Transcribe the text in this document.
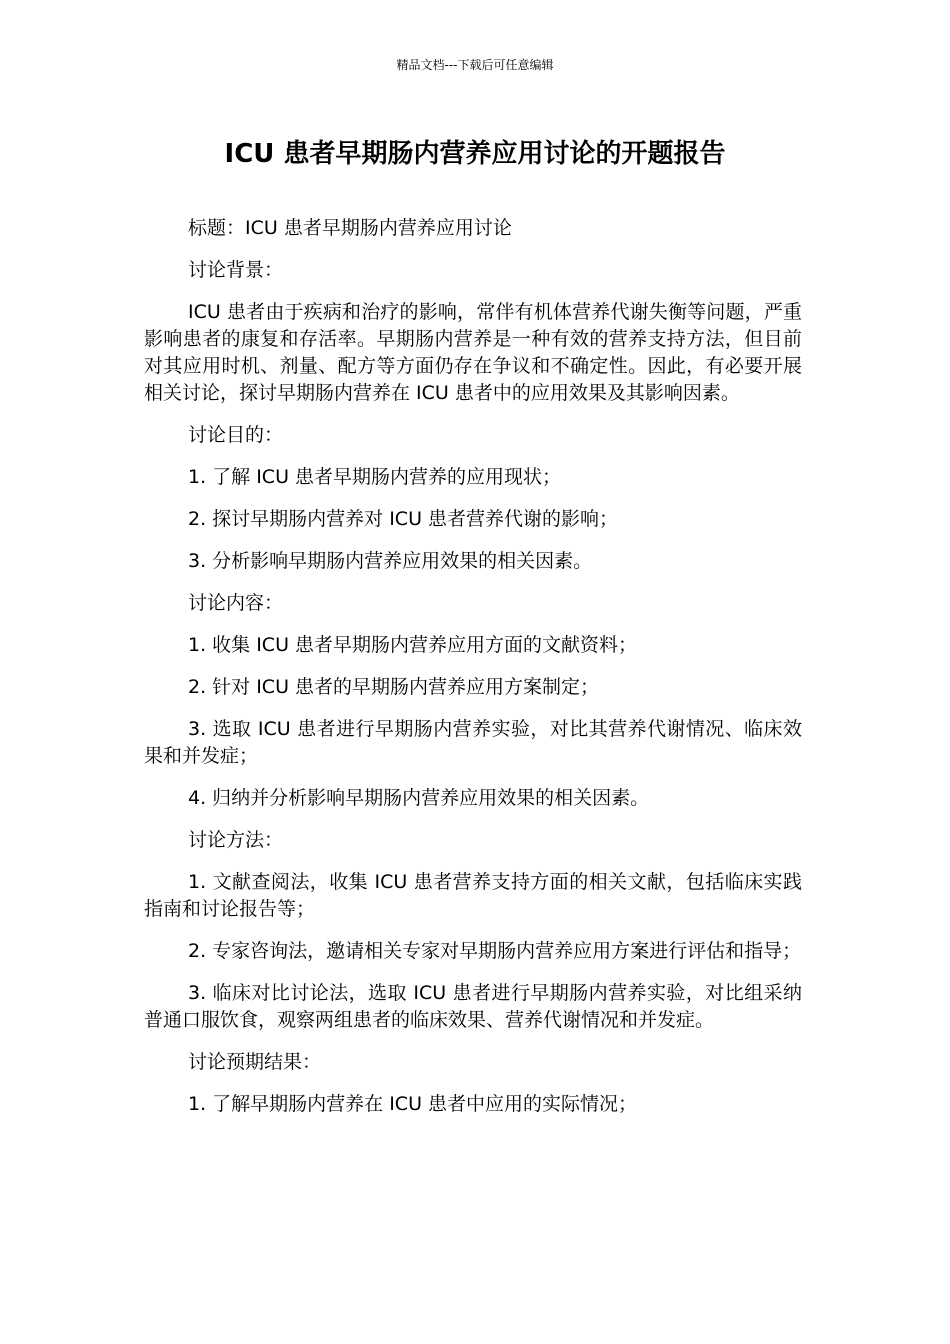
精品文档---下载后可任意编辑
ICU 患者早期肠内营养应用讨论的开题报告

标题：ICU 患者早期肠内营养应用讨论

讨论背景：

ICU 患者由于疾病和治疗的影响，常伴有机体营养代谢失衡等问题，严重影响患者的康复和存活率。早期肠内营养是一种有效的营养支持方法，但目前对其应用时机、剂量、配方等方面仍存在争议和不确定性。因此，有必要开展相关讨论，探讨早期肠内营养在 ICU 患者中的应用效果及其影响因素。

讨论目的：

1. 了解 ICU 患者早期肠内营养的应用现状；

2. 探讨早期肠内营养对 ICU 患者营养代谢的影响；

3. 分析影响早期肠内营养应用效果的相关因素。

讨论内容：

1. 收集 ICU 患者早期肠内营养应用方面的文献资料；

2. 针对 ICU 患者的早期肠内营养应用方案制定；

3. 选取 ICU 患者进行早期肠内营养实验，对比其营养代谢情况、临床效果和并发症；

4. 归纳并分析影响早期肠内营养应用效果的相关因素。

讨论方法：

1. 文献查阅法，收集 ICU 患者营养支持方面的相关文献，包括临床实践指南和讨论报告等；

2. 专家咨询法，邀请相关专家对早期肠内营养应用方案进行评估和指导；

3. 临床对比讨论法，选取 ICU 患者进行早期肠内营养实验，对比组采纳普通口服饮食，观察两组患者的临床效果、营养代谢情况和并发症。

讨论预期结果：

1. 了解早期肠内营养在 ICU 患者中应用的实际情况；
